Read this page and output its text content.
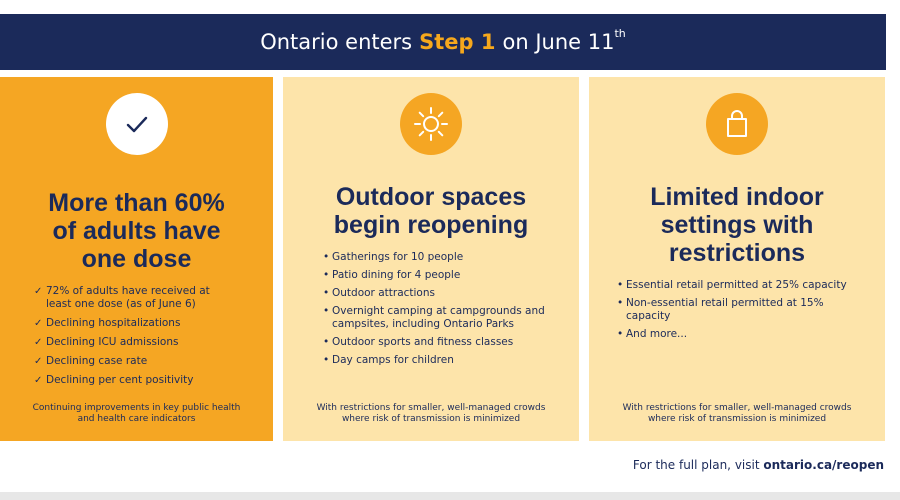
Ontario enters Step 1 on June 11th
More than 60%
of adults have
one dose
✓ 72% of adults have received at least one dose (as of June 6)
✓ Declining hospitalizations
✓ Declining ICU admissions
✓ Declining case rate
✓ Declining per cent positivity
Continuing improvements in key public health and health care indicators
Outdoor spaces
begin reopening
• Gatherings for 10 people
• Patio dining for 4 people
• Outdoor attractions
• Overnight camping at campgrounds and campsites, including Ontario Parks
• Outdoor sports and fitness classes
• Day camps for children
With restrictions for smaller, well-managed crowds where risk of transmission is minimized
Limited indoor
settings with
restrictions
• Essential retail permitted at 25% capacity
• Non-essential retail permitted at 15% capacity
• And more...
With restrictions for smaller, well-managed crowds where risk of transmission is minimized
For the full plan, visit ontario.ca/reopen
